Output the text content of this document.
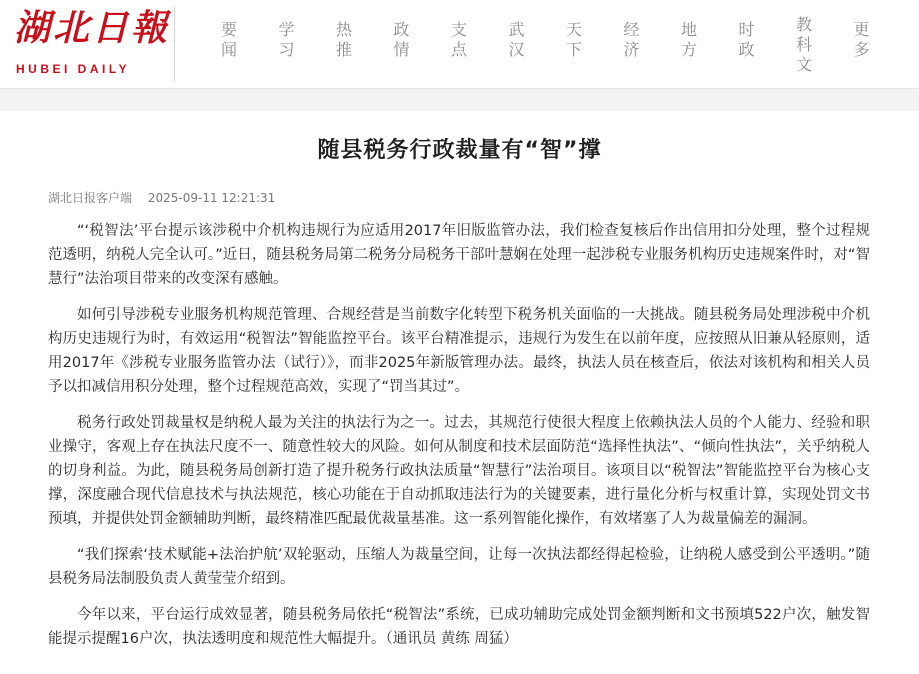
湖北日報
HUBEI DAILY
要
闻
学
习
热
推
政
情
支
点
武
汉
天
下
经
济
地
方
时
政
教
科
文
更
多
随县税务行政裁量有“智”撑
湖北日报客户端 2025-09-11 12:21:31

“‘税智法’平台提示该涉税中介机构违规行为应适用2017年旧版监管办法，我们检查复核后作出信用扣分处理，整个过程规范透明，纳税人完全认可。”近日，随县税务局第二税务分局税务干部叶慧娴在处理一起涉税专业服务机构历史违规案件时，对“智慧行”法治项目带来的改变深有感触。

如何引导涉税专业服务机构规范管理、合规经营是当前数字化转型下税务机关面临的一大挑战。随县税务局处理涉税中介机构历史违规行为时，有效运用“税智法”智能监控平台。该平台精准提示，违规行为发生在以前年度，应按照从旧兼从轻原则，适用2017年《涉税专业服务监管办法（试行）》，而非2025年新版管理办法。最终，执法人员在核查后，依法对该机构和相关人员予以扣减信用积分处理，整个过程规范高效，实现了“罚当其过”。

税务行政处罚裁量权是纳税人最为关注的执法行为之一。过去，其规范行使很大程度上依赖执法人员的个人能力、经验和职业操守，客观上存在执法尺度不一、随意性较大的风险。如何从制度和技术层面防范“选择性执法”、“倾向性执法”，关乎纳税人的切身利益。为此，随县税务局创新打造了提升税务行政执法质量“智慧行”法治项目。该项目以“税智法”智能监控平台为核心支撑，深度融合现代信息技术与执法规范，核心功能在于自动抓取违法行为的关键要素，进行量化分析与权重计算，实现处罚文书预填，并提供处罚金额辅助判断，最终精准匹配最优裁量基准。这一系列智能化操作，有效堵塞了人为裁量偏差的漏洞。

“我们探索‘技术赋能+法治护航’双轮驱动，压缩人为裁量空间，让每一次执法都经得起检验，让纳税人感受到公平透明。”随县税务局法制股负责人黄莹莹介绍到。

今年以来，平台运行成效显著，随县税务局依托“税智法”系统，已成功辅助完成处罚金额判断和文书预填522户次，触发智能提示提醒16户次，执法透明度和规范性大幅提升。（通讯员 黄练 周猛）
